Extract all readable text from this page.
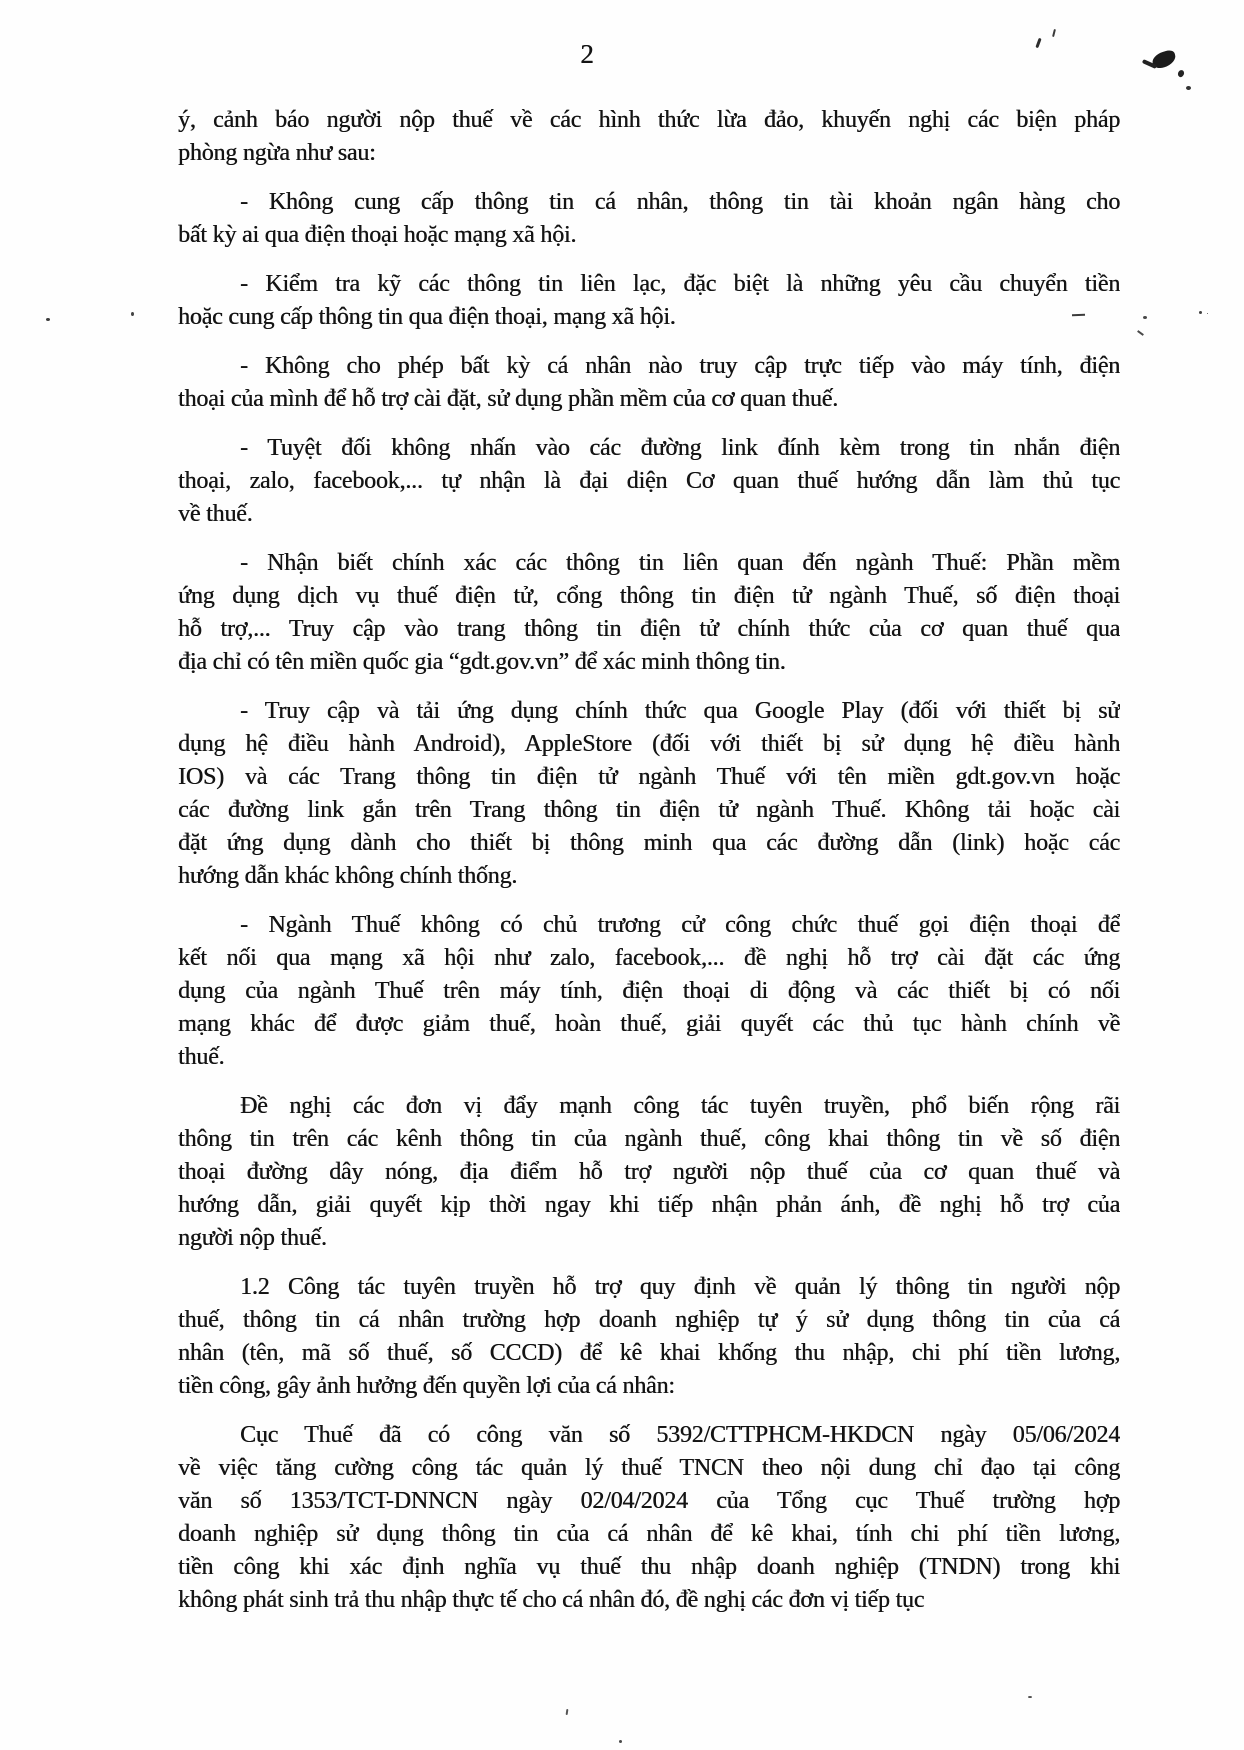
2
ý, cảnh báo người nộp thuế về các hình thức lừa đảo, khuyến nghị các biện pháp
phòng ngừa như sau:
- Không cung cấp thông tin cá nhân, thông tin tài khoản ngân hàng cho
bất kỳ ai qua điện thoại hoặc mạng xã hội.
- Kiểm tra kỹ các thông tin liên lạc, đặc biệt là những yêu cầu chuyển tiền
hoặc cung cấp thông tin qua điện thoại, mạng xã hội.
- Không cho phép bất kỳ cá nhân nào truy cập trực tiếp vào máy tính, điện
thoại của mình để hỗ trợ cài đặt, sử dụng phần mềm của cơ quan thuế.
- Tuyệt đối không nhấn vào các đường link đính kèm trong tin nhắn điện
thoại, zalo, facebook,... tự nhận là đại diện Cơ quan thuế hướng dẫn làm thủ tục
về thuế.
- Nhận biết chính xác các thông tin liên quan đến ngành Thuế: Phần mềm
ứng dụng dịch vụ thuế điện tử, cổng thông tin điện tử ngành Thuế, số điện thoại
hỗ trợ,... Truy cập vào trang thông tin điện tử chính thức của cơ quan thuế qua
địa chỉ có tên miền quốc gia “gdt.gov.vn” để xác minh thông tin.
- Truy cập và tải ứng dụng chính thức qua Google Play (đối với thiết bị sử
dụng hệ điều hành Android), AppleStore (đối với thiết bị sử dụng hệ điều hành
IOS) và các Trang thông tin điện tử ngành Thuế với tên miền gdt.gov.vn hoặc
các đường link gắn trên Trang thông tin điện tử ngành Thuế. Không tải hoặc cài
đặt ứng dụng dành cho thiết bị thông minh qua các đường dẫn (link) hoặc các
hướng dẫn khác không chính thống.
- Ngành Thuế không có chủ trương cử công chức thuế gọi điện thoại để
kết nối qua mạng xã hội như zalo, facebook,... đề nghị hỗ trợ cài đặt các ứng
dụng của ngành Thuế trên máy tính, điện thoại di động và các thiết bị có nối
mạng khác để được giảm thuế, hoàn thuế, giải quyết các thủ tục hành chính về
thuế.
Đề nghị các đơn vị đẩy mạnh công tác tuyên truyền, phổ biến rộng rãi
thông tin trên các kênh thông tin của ngành thuế, công khai thông tin về số điện
thoại đường dây nóng, địa điểm hỗ trợ người nộp thuế của cơ quan thuế và
hướng dẫn, giải quyết kịp thời ngay khi tiếp nhận phản ánh, đề nghị hỗ trợ của
người nộp thuế.
1.2 Công tác tuyên truyền hỗ trợ quy định về quản lý thông tin người nộp
thuế, thông tin cá nhân trường hợp doanh nghiệp tự ý sử dụng thông tin của cá
nhân (tên, mã số thuế, số CCCD) để kê khai khống thu nhập, chi phí tiền lương,
tiền công, gây ảnh hưởng đến quyền lợi của cá nhân:
Cục Thuế đã có công văn số 5392/CTTPHCM-HKDCN ngày 05/06/2024
về việc tăng cường công tác quản lý thuế TNCN theo nội dung chỉ đạo tại công
văn số 1353/TCT-DNNCN ngày 02/04/2024 của Tổng cục Thuế trường hợp
doanh nghiệp sử dụng thông tin của cá nhân để kê khai, tính chi phí tiền lương,
tiền công khi xác định nghĩa vụ thuế thu nhập doanh nghiệp (TNDN) trong khi
không phát sinh trả thu nhập thực tế cho cá nhân đó, đề nghị các đơn vị tiếp tục
